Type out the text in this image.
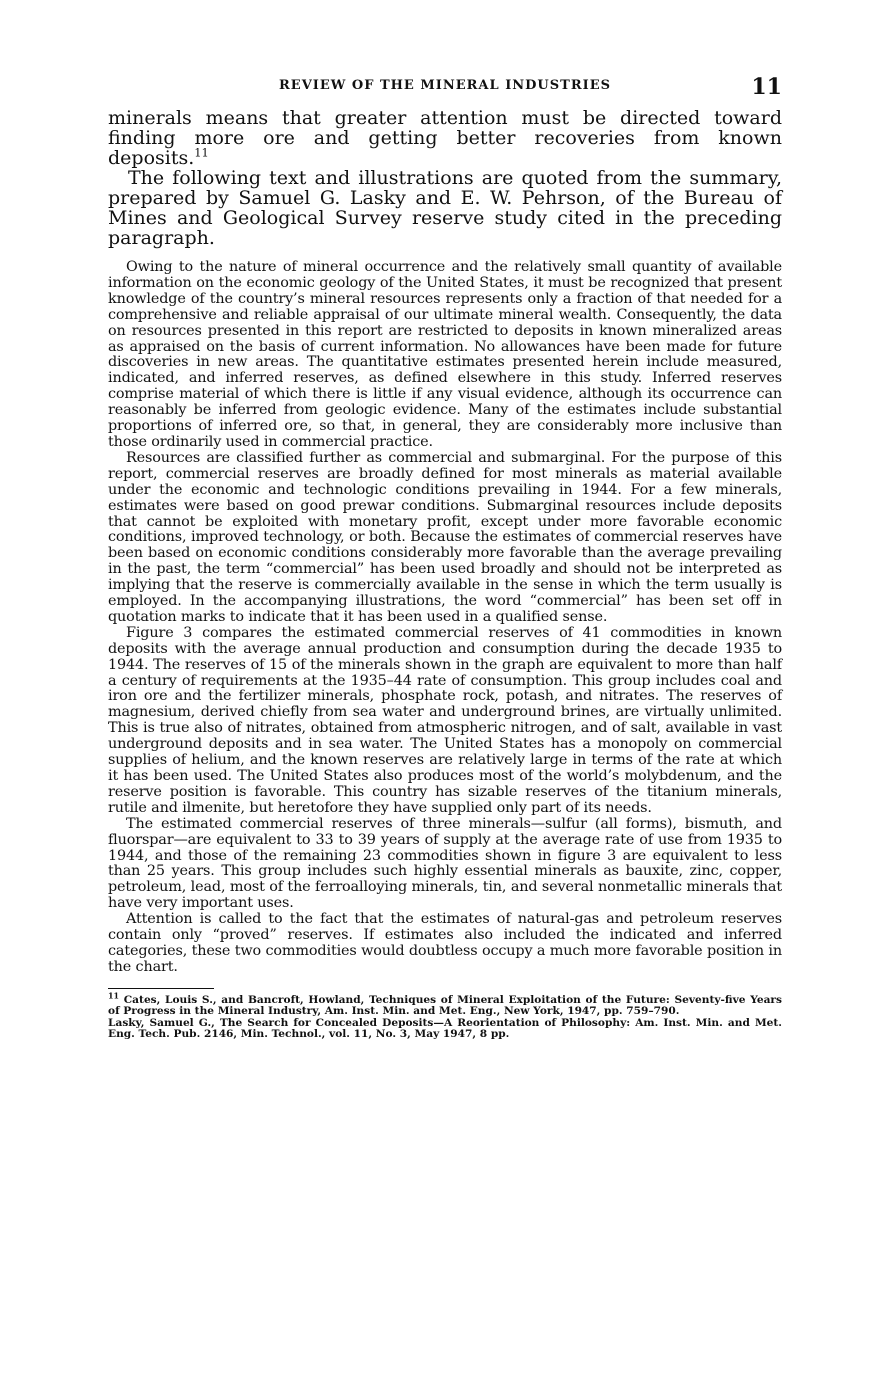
REVIEW OF THE MINERAL INDUSTRIES	11

minerals means that greater attention must be directed toward finding more ore and getting better recoveries from known deposits.$^{11}$

The following text and illustrations are quoted from the summary, prepared by Samuel G. Lasky and E. W. Pehrson, of the Bureau of Mines and Geological Survey reserve study cited in the preceding paragraph.

Owing to the nature of mineral occurrence and the relatively small quantity of available information on the economic geology of the United States, it must be recognized that present knowledge of the country’s mineral resources represents only a fraction of that needed for a comprehensive and reliable appraisal of our ultimate mineral wealth. Consequently, the data on resources presented in this report are restricted to deposits in known mineralized areas as appraised on the basis of current information. No allowances have been made for future discoveries in new areas. The quantitative estimates presented herein include measured, indicated, and inferred reserves, as defined elsewhere in this study. Inferred reserves comprise material of which there is little if any visual evidence, although its occurrence can reasonably be inferred from geologic evidence. Many of the estimates include substantial proportions of inferred ore, so that, in general, they are considerably more inclusive than those ordinarily used in commercial practice.

Resources are classified further as commercial and submarginal. For the purpose of this report, commercial reserves are broadly defined for most minerals as material available under the economic and technologic conditions prevailing in 1944. For a few minerals, estimates were based on good prewar conditions. Submarginal resources include deposits that cannot be exploited with monetary profit, except under more favorable economic conditions, improved technology, or both. Because the estimates of commercial reserves have been based on economic conditions considerably more favorable than the average prevailing in the past, the term “commercial” has been used broadly and should not be interpreted as implying that the reserve is commercially available in the sense in which the term usually is employed. In the accompanying illustrations, the word “commercial” has been set off in quotation marks to indicate that it has been used in a qualified sense.

Figure 3 compares the estimated commercial reserves of 41 commodities in known deposits with the average annual production and consumption during the decade 1935 to 1944. The reserves of 15 of the minerals shown in the graph are equivalent to more than half a century of requirements at the 1935–44 rate of consumption. This group includes coal and iron ore and the fertilizer minerals, phosphate rock, potash, and nitrates. The reserves of magnesium, derived chiefly from sea water and underground brines, are virtually unlimited. This is true also of nitrates, obtained from atmospheric nitrogen, and of salt, available in vast underground deposits and in sea water. The United States has a monopoly on commercial supplies of helium, and the known reserves are relatively large in terms of the rate at which it has been used. The United States also produces most of the world’s molybdenum, and the reserve position is favorable. This country has sizable reserves of the titanium minerals, rutile and ilmenite, but heretofore they have supplied only part of its needs.

The estimated commercial reserves of three minerals—sulfur (all forms), bismuth, and fluorspar—are equivalent to 33 to 39 years of supply at the average rate of use from 1935 to 1944, and those of the remaining 23 commodities shown in figure 3 are equivalent to less than 25 years. This group includes such highly essential minerals as bauxite, zinc, copper, petroleum, lead, most of the ferroalloying minerals, tin, and several nonmetallic minerals that have very important uses.

Attention is called to the fact that the estimates of natural-gas and petroleum reserves contain only “proved” reserves. If estimates also included the indicated and inferred categories, these two commodities would doubtless occupy a much more favorable position in the chart.

$^{11}$ Cates, Louis S., and Bancroft, Howland, Techniques of Mineral Exploitation of the Future: Seventy-five Years of Progress in the Mineral Industry, Am. Inst. Min. and Met. Eng., New York, 1947, pp. 759–790.

Lasky, Samuel G., The Search for Concealed Deposits—A Reorientation of Philosophy: Am. Inst. Min. and Met. Eng. Tech. Pub. 2146, Min. Technol., vol. 11, No. 3, May 1947, 8 pp.
